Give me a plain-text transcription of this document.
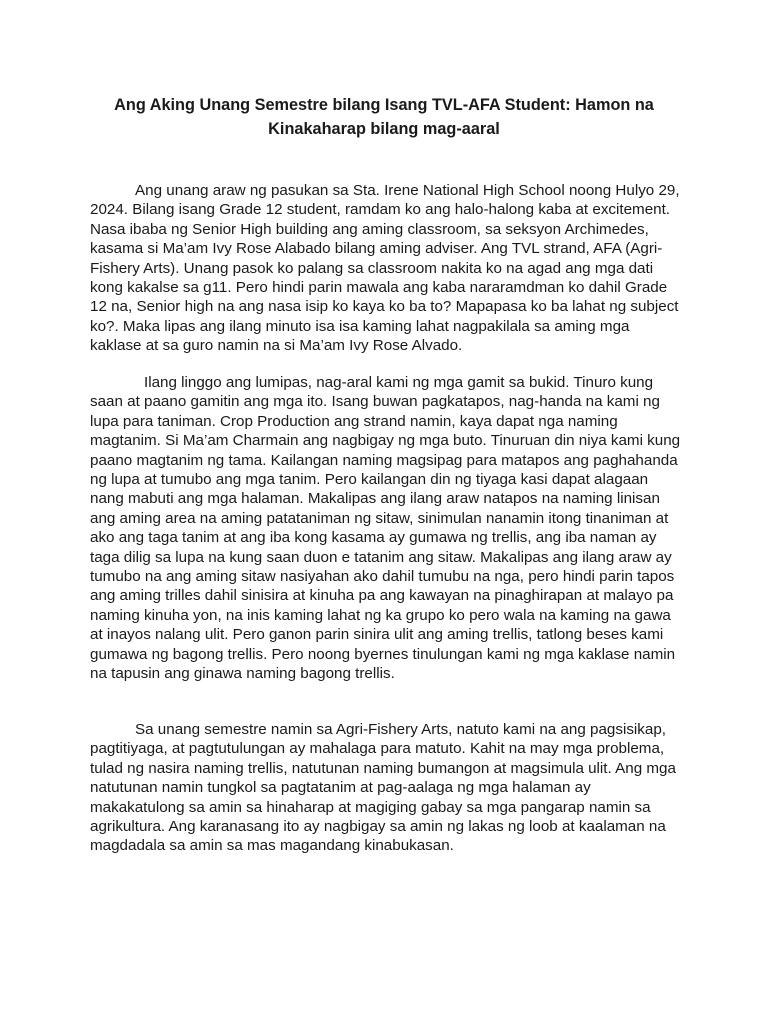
Ang Aking Unang Semestre bilang Isang TVL-AFA Student: Hamon na
Kinakaharap bilang mag-aaral
Ang unang araw ng pasukan sa Sta. Irene National High School noong Hulyo 29,
2024. Bilang isang Grade 12 student, ramdam ko ang halo-halong kaba at excitement.
Nasa ibaba ng Senior High building ang aming classroom, sa seksyon Archimedes,
kasama si Ma’am Ivy Rose Alabado bilang aming adviser. Ang TVL strand, AFA (Agri-
Fishery Arts). Unang pasok ko palang sa classroom nakita ko na agad ang mga dati
kong kakalse sa g11. Pero hindi parin mawala ang kaba nararamdman ko dahil Grade
12 na, Senior high na ang nasa isip ko kaya ko ba to? Mapapasa ko ba lahat ng subject
ko?. Maka lipas ang ilang minuto isa isa kaming lahat nagpakilala sa aming mga
kaklase at sa guro namin na si Ma’am Ivy Rose Alvado.
Ilang linggo ang lumipas, nag-aral kami ng mga gamit sa bukid. Tinuro kung
saan at paano gamitin ang mga ito. Isang buwan pagkatapos, nag-handa na kami ng
lupa para taniman. Crop Production ang strand namin, kaya dapat nga naming
magtanim. Si Ma’am Charmain ang nagbigay ng mga buto. Tinuruan din niya kami kung
paano magtanim ng tama. Kailangan naming magsipag para matapos ang paghahanda
ng lupa at tumubo ang mga tanim. Pero kailangan din ng tiyaga kasi dapat alagaan
nang mabuti ang mga halaman. Makalipas ang ilang araw natapos na naming linisan
ang aming area na aming patataniman ng sitaw, sinimulan nanamin itong tinaniman at
ako ang taga tanim at ang iba kong kasama ay gumawa ng trellis, ang iba naman ay
taga dilig sa lupa na kung saan duon e tatanim ang sitaw. Makalipas ang ilang araw ay
tumubo na ang aming sitaw nasiyahan ako dahil tumubu na nga, pero hindi parin tapos
ang aming trilles dahil sinisira at kinuha pa ang kawayan na pinaghirapan at malayo pa
naming kinuha yon, na inis kaming lahat ng ka grupo ko pero wala na kaming na gawa
at inayos nalang ulit. Pero ganon parin sinira ulit ang aming trellis, tatlong beses kami
gumawa ng bagong trellis. Pero noong byernes tinulungan kami ng mga kaklase namin
na tapusin ang ginawa naming bagong trellis.
Sa unang semestre namin sa Agri-Fishery Arts, natuto kami na ang pagsisikap,
pagtitiyaga, at pagtutulungan ay mahalaga para matuto. Kahit na may mga problema,
tulad ng nasira naming trellis, natutunan naming bumangon at magsimula ulit. Ang mga
natutunan namin tungkol sa pagtatanim at pag-aalaga ng mga halaman ay
makakatulong sa amin sa hinaharap at magiging gabay sa mga pangarap namin sa
agrikultura. Ang karanasang ito ay nagbigay sa amin ng lakas ng loob at kaalaman na
magdadala sa amin sa mas magandang kinabukasan.
